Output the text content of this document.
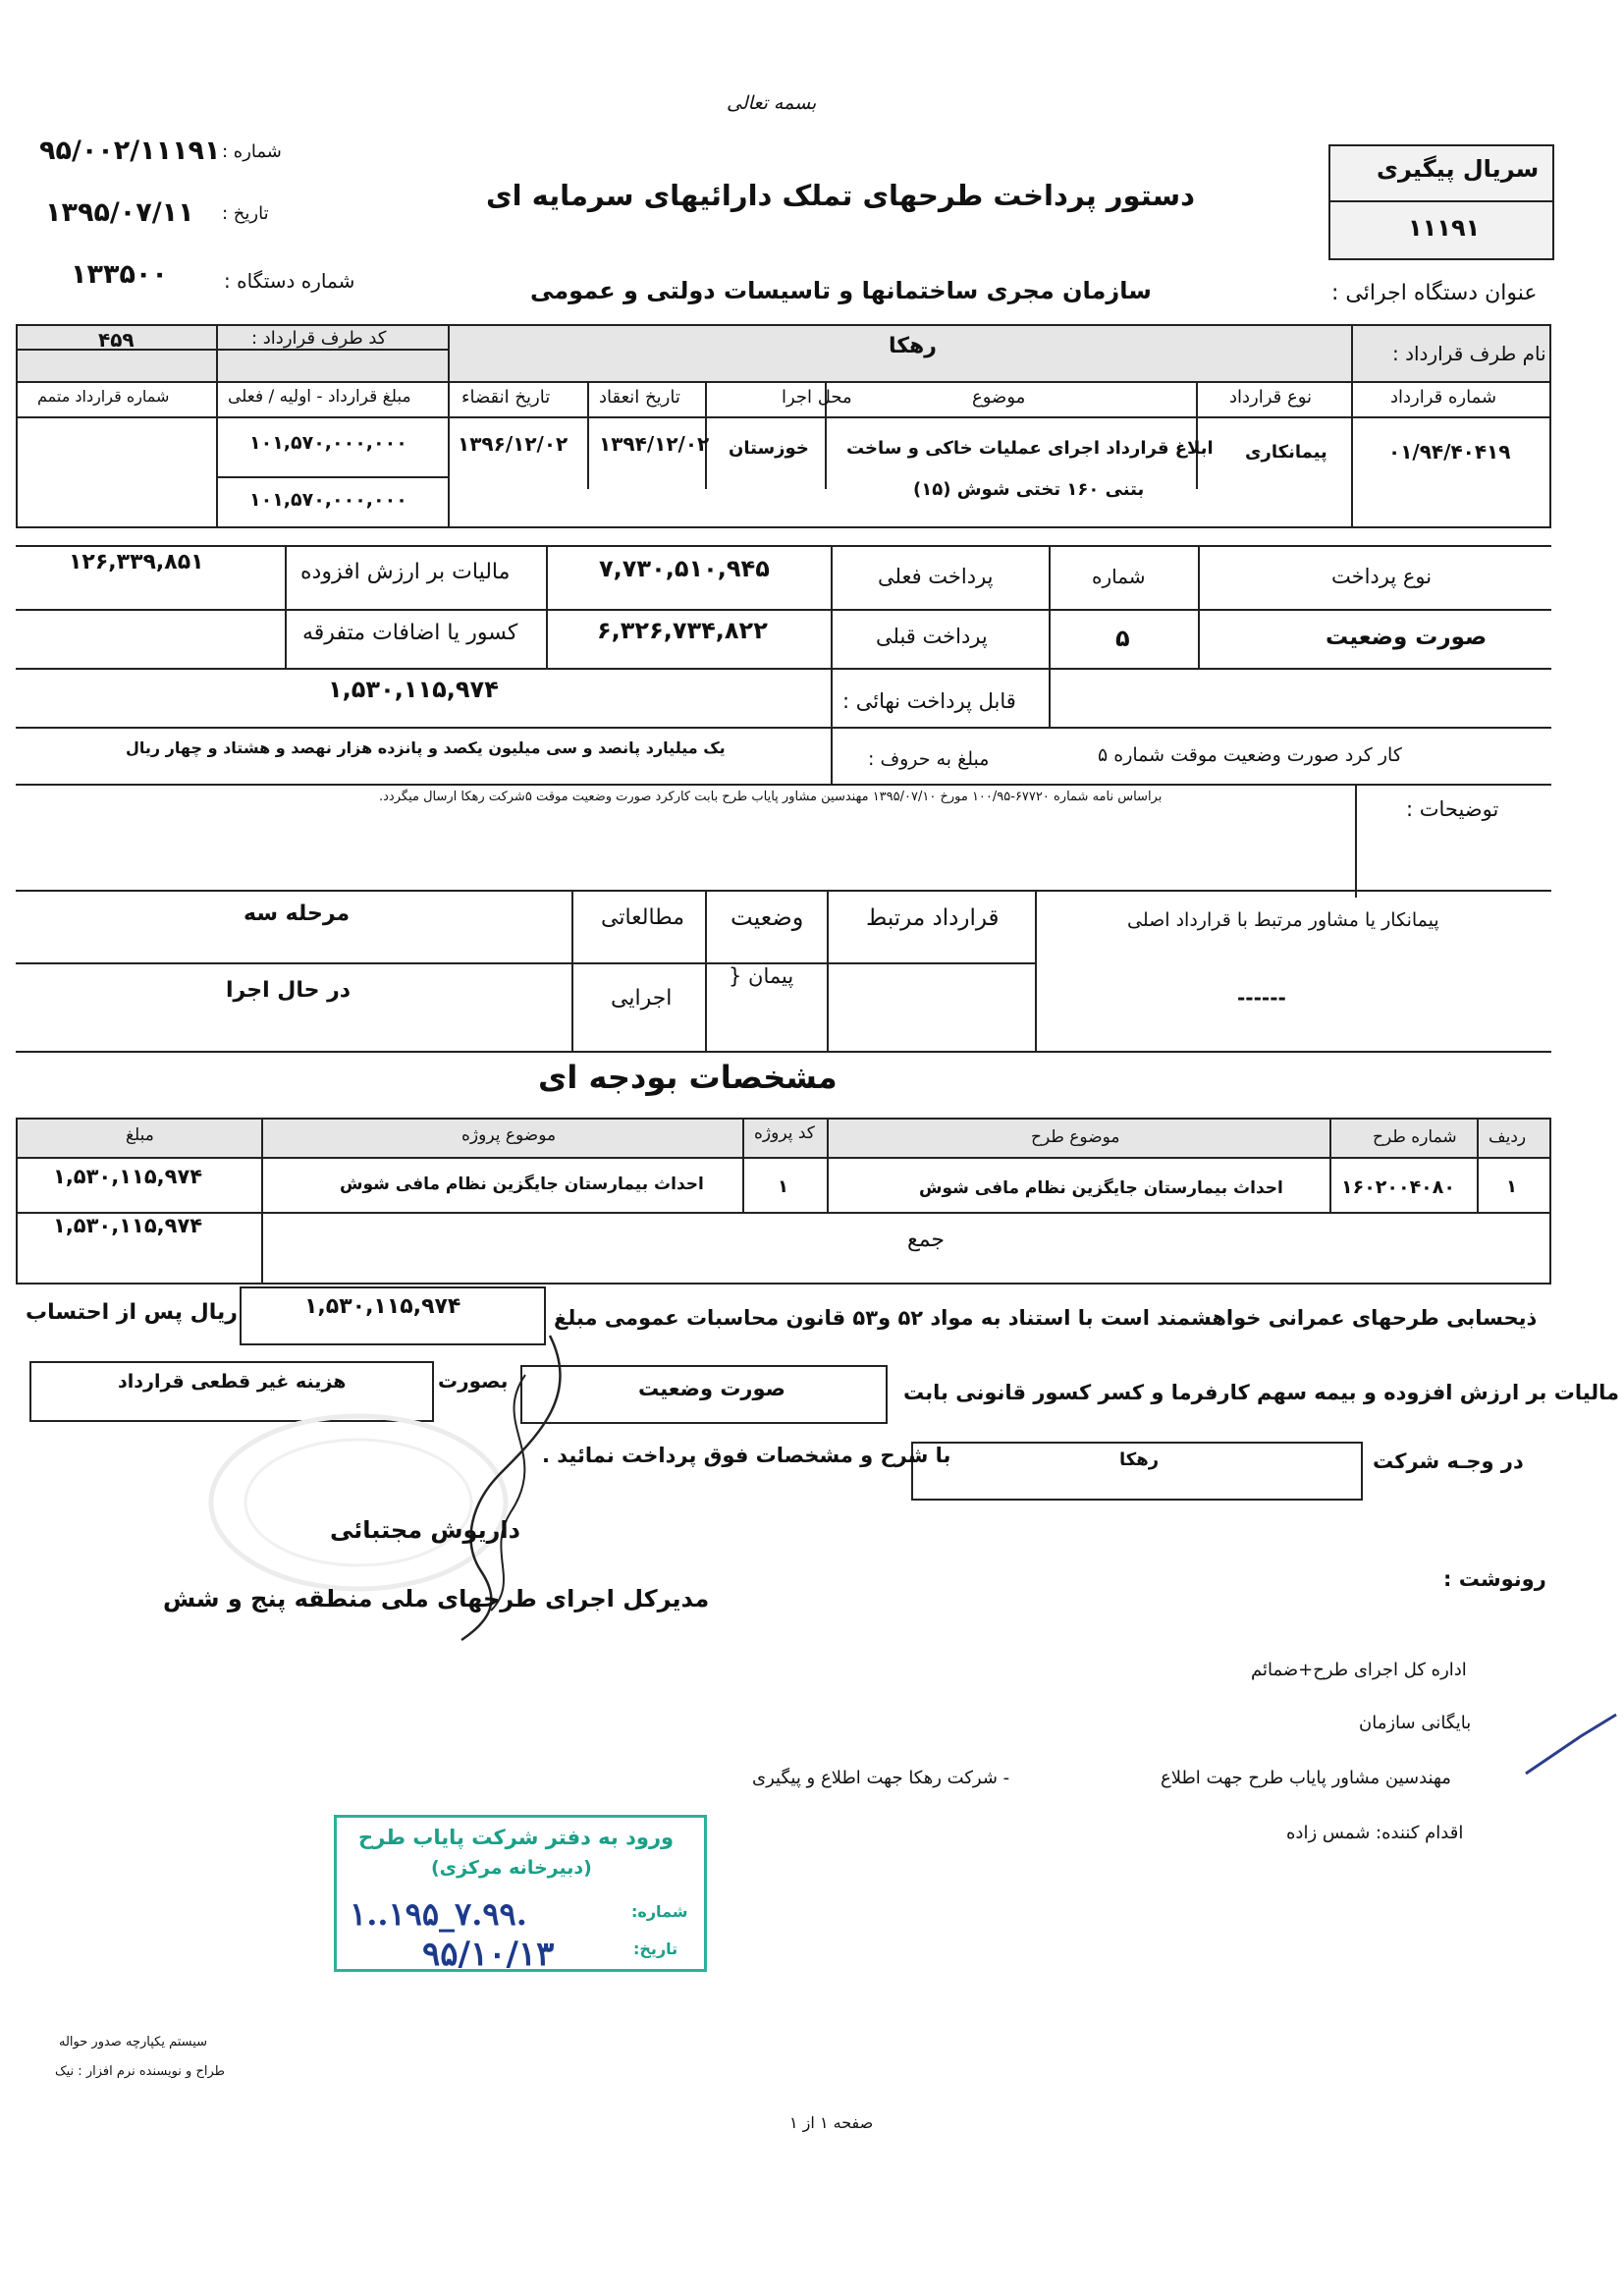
بسمه تعالی
دستور پرداخت طرحهای تملک دارائیهای سرمایه ای
سازمان مجری ساختمانها و تاسیسات دولتی و عمومی
شماره :
۹۵/۰۰۲/۱۱۱۹۱
تاریخ :
۱۳۹۵/۰۷/۱۱
شماره دستگاه :
۱۳۳۵۰۰
سریال پیگیری
۱۱۱۹۱
عنوان دستگاه اجرائی :
نام طرف قرارداد :
رهکا
کد طرف قرارداد :
۴۵۹
شماره قرارداد
نوع قرارداد
موضوع
محل اجرا
تاریخ انعقاد
تاریخ انقضاء
مبلغ قرارداد - اولیه / فعلی
شماره قرارداد متمم
۰۱/۹۴/۴۰۴۱۹
پیمانکاری
ابلاغ قرارداد اجرای عملیات خاکی و ساخت
بتنی ۱۶۰ تختی شوش (۱۵)
خوزستان
۱۳۹۴/۱۲/۰۲
۱۳۹۶/۱۲/۰۲
۱۰۱,۵۷۰,۰۰۰,۰۰۰
۱۰۱,۵۷۰,۰۰۰,۰۰۰
نوع پرداخت
شماره
صورت وضعیت
۵
پرداخت فعلی
۷,۷۳۰,۵۱۰,۹۴۵
پرداخت قبلی
۶,۳۲۶,۷۳۴,۸۲۲
مالیات بر ارزش افزوده
۱۲۶,۳۳۹,۸۵۱
کسور یا اضافات متفرقه
قابل پرداخت نهائی :
۱,۵۳۰,۱۱۵,۹۷۴
مبلغ به حروف :
یک میلیارد پانصد و سی میلیون یکصد و پانزده هزار نهصد و هشتاد و چهار ریال	کار کرد صورت وضعیت موقت شماره ۵
توضیحات :
براساس نامه شماره ۶۷۷۲۰-۱۰۰/۹۵ مورخ ۱۳۹۵/۰۷/۱۰ مهندسین مشاور پایاب طرح بابت کارکرد صورت وضعیت موقت ۵شرکت رهکا ارسال میگردد.
پیمانکار یا مشاور مرتبط با قرارداد اصلی
------
قرارداد مرتبط
وضعیت
پیمان {
مطالعاتی
اجرایی
مرحله سه
در حال اجرا
مشخصات بودجه ای
ردیف
شماره طرح
موضوع طرح
کد پروژه
موضوع پروژه
مبلغ
۱
۱۶۰۲۰۰۴۰۸۰
احداث بیمارستان جایگزین نظام مافی شوش
۱
احداث بیمارستان جایگزین نظام مافی شوش
۱,۵۳۰,۱۱۵,۹۷۴
جمع
۱,۵۳۰,۱۱۵,۹۷۴
ذیحسابی طرحهای عمرانی خواهشمند است با استناد به مواد ۵۲ و۵۳ قانون محاسبات عمومی مبلغ
۱,۵۳۰,۱۱۵,۹۷۴
ریال پس از احتساب
مالیات بر ارزش افزوده و بیمه سهم کارفرما و کسر کسور قانونی بابت
صورت وضعیت
بصورت
هزینه غیر قطعی قرارداد
در وجـه شرکت
رهکا
با شرح و مشخصات فوق پرداخت نمائید .
داریوش مجتبائی
مدیرکل اجرای طرحهای ملی منطقه پنج و شش
رونوشت :
اداره کل اجرای طرح+ضمائم
بایگانی سازمان
مهندسین مشاور پایاب طرح جهت اطلاع
اقدام کننده: شمس زاده
- شرکت رهکا جهت اطلاع و پیگیری
ورود به دفتر شرکت پایاب طرح
(دبیرخانه مرکزی)
شماره:
تاریخ:
۱..۱۹۵_۷.۹۹.
۹۵/۱۰/۱۳
سیستم یکپارچه صدور حواله
طراح و نویسنده نرم افزار : نیک
صفحه ۱ از ۱
